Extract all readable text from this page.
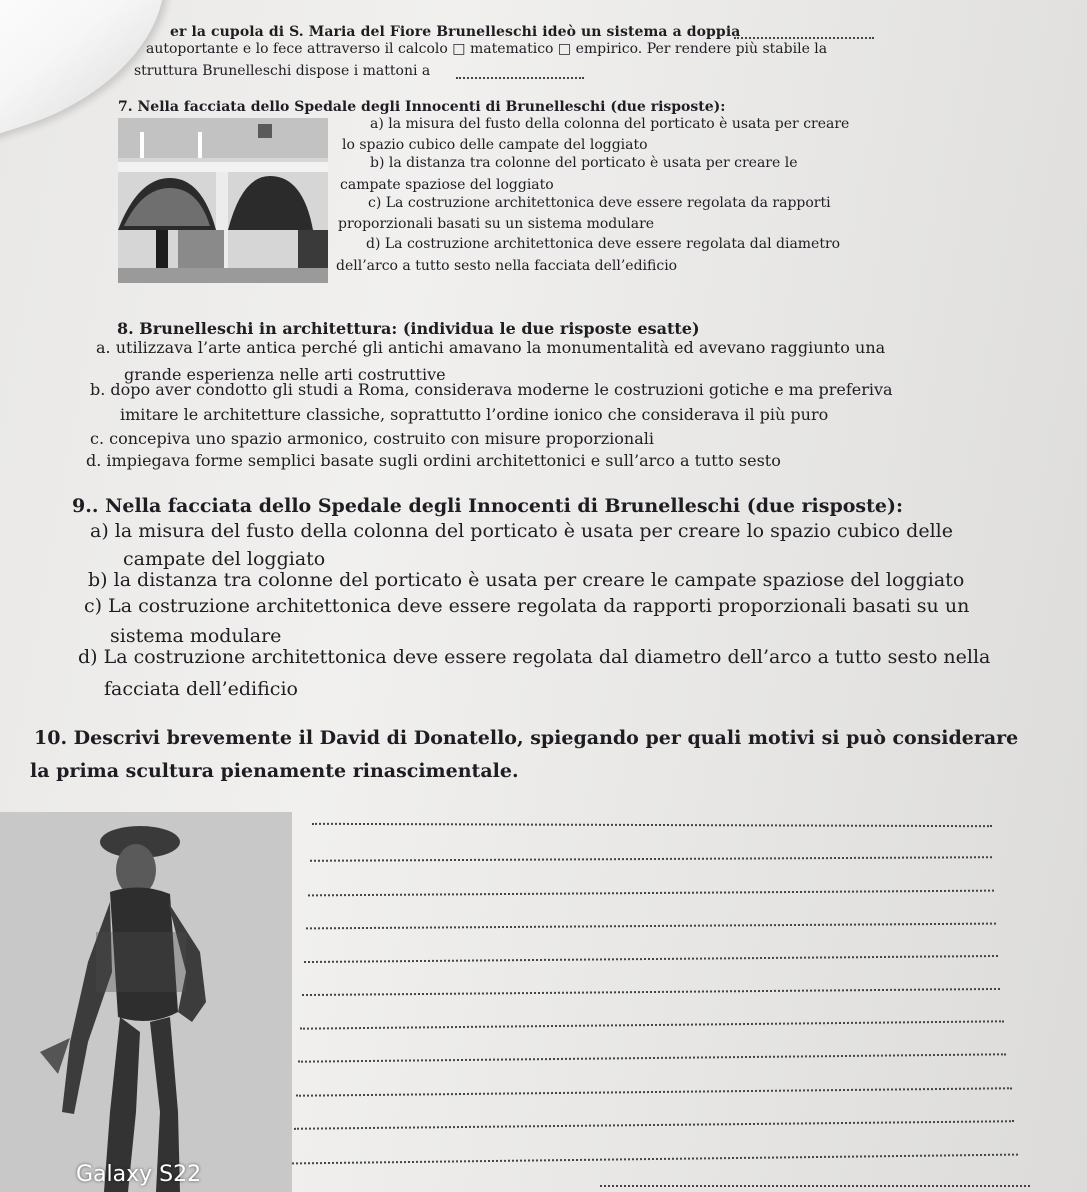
er la cupola di S. Maria del Fiore Brunelleschi ideò un sistema a doppia
autoportante e lo fece attraverso il calcolo □ matematico □ empirico. Per rendere più stabile la
struttura Brunelleschi dispose i mattoni a
7. Nella facciata dello Spedale degli Innocenti di Brunelleschi (due risposte):
a) la misura del fusto della colonna del porticato è usata per creare
lo spazio cubico delle campate del loggiato
b) la distanza tra colonne del porticato è usata per creare le
campate spaziose del loggiato
c) La costruzione architettonica deve essere regolata da rapporti
proporzionali basati su un sistema modulare
d) La costruzione architettonica deve essere regolata dal diametro
dell’arco a tutto sesto nella facciata dell’edificio
8. Brunelleschi in architettura: (individua le due risposte esatte)
a. utilizzava l’arte antica perché gli antichi amavano la monumentalità ed avevano raggiunto una
grande esperienza nelle arti costruttive
b. dopo aver condotto gli studi a Roma, considerava moderne le costruzioni gotiche e ma preferiva
imitare le architetture classiche, soprattutto l’ordine ionico che considerava il più puro
c. concepiva uno spazio armonico, costruito con misure proporzionali
d. impiegava forme semplici basate sugli ordini architettonici e sull’arco a tutto sesto
9.. Nella facciata dello Spedale degli Innocenti di Brunelleschi (due risposte):
a) la misura del fusto della colonna del porticato è usata per creare lo spazio cubico delle
campate del loggiato
b) la distanza tra colonne del porticato è usata per creare le campate spaziose del loggiato
c) La costruzione architettonica deve essere regolata da rapporti proporzionali basati su un
sistema modulare
d) La costruzione architettonica deve essere regolata dal diametro dell’arco a tutto sesto nella
facciata dell’edificio
10. Descrivi brevemente il David di Donatello, spiegando per quali motivi si può considerare
la prima scultura pienamente rinascimentale.
Galaxy S22
